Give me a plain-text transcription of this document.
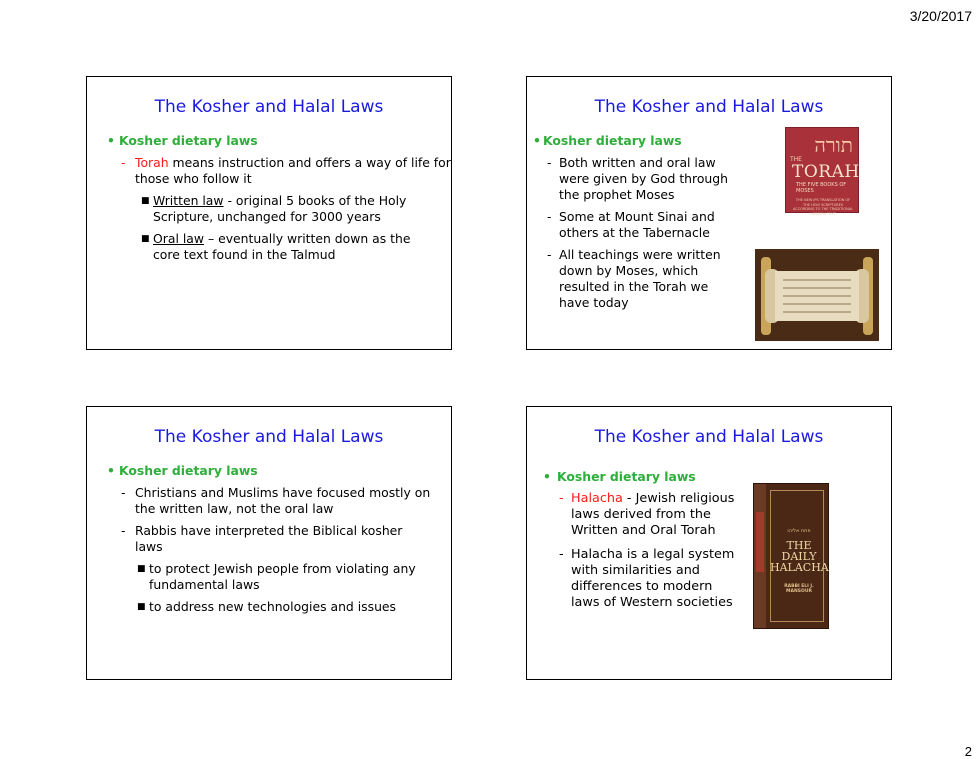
3/20/2017
The Kosher and Halal Laws
• Kosher dietary laws
- Torah means instruction and offers a way of life for those who follow it
■ Written law - original 5 books of the Holy Scripture, unchanged for 3000 years
■ Oral law – eventually written down as the core text found in the Talmud
The Kosher and Halal Laws
• Kosher dietary laws
- Both written and oral law were given by God through the prophet Moses
- Some at Mount Sinai and others at the Tabernacle
- All teachings were written down by Moses, which resulted in the Torah we have today
תורה
THE
TORAH
THE FIVE BOOKS OF MOSES
THE NEW JPS TRANSLATION OF THE HOLY SCRIPTURES ACCORDING TO THE TRADITIONAL HEBREW TEXT
The Kosher and Halal Laws
• Kosher dietary laws
- Christians and Muslims have focused mostly on the written law, not the oral law
- Rabbis have interpreted the Biblical kosher laws
■ to protect Jewish people from violating any fundamental laws
■ to address new technologies and issues
The Kosher and Halal Laws
• Kosher dietary laws
- Halacha - Jewish religious laws derived from the Written and Oral Torah
- Halacha is a legal system with similarities and differences to modern laws of Western societies
פתח אליהו
THE DAILY HALACHA
RABBI ELI J. MANSOUR
2
